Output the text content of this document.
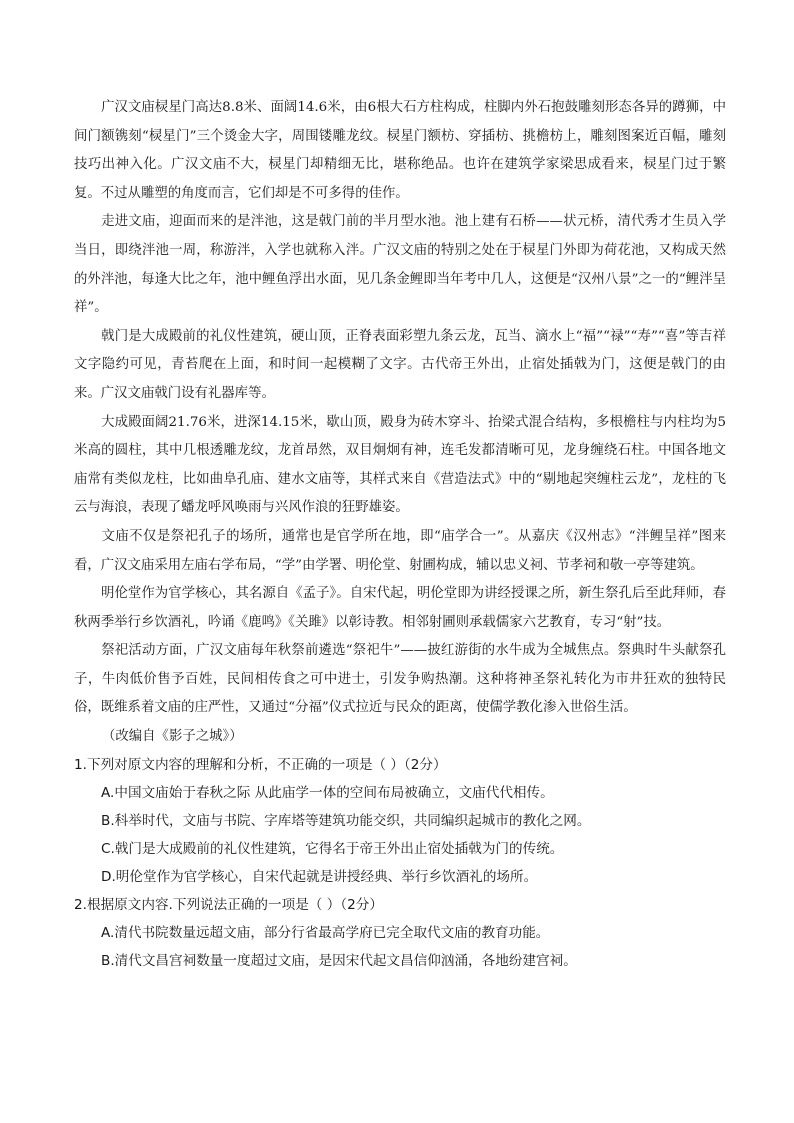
广汉文庙棂星门高达8.8米、面阔14.6米，由6根大石方柱构成，柱脚内外石抱鼓雕刻形态各异的蹲狮，中间门额镌刻“棂星门”三个烫金大字，周围镂雕龙纹。棂星门额枋、穿插枋、挑檐枋上，雕刻图案近百幅，雕刻技巧出神入化。广汉文庙不大，棂星门却精细无比，堪称绝品。也许在建筑学家梁思成看来，棂星门过于繁复。不过从雕塑的角度而言，它们却是不可多得的佳作。

走进文庙，迎面而来的是泮池，这是戟门前的半月型水池。池上建有石桥——状元桥，清代秀才生员入学当日，即绕泮池一周，称游泮，入学也就称入泮。广汉文庙的特别之处在于棂星门外即为荷花池，又构成天然的外泮池，每逢大比之年，池中鲤鱼浮出水面，见几条金鲤即当年考中几人，这便是“汉州八景”之一的“鲤泮呈祥”。

戟门是大成殿前的礼仪性建筑，硬山顶，正脊表面彩塑九条云龙，瓦当、滴水上“福”“禄”“寿”“喜”等吉祥文字隐约可见，青苔爬在上面，和时间一起模糊了文字。古代帝王外出，止宿处插戟为门，这便是戟门的由来。广汉文庙戟门设有礼器库等。

大成殿面阔21.76米，进深14.15米，歇山顶，殿身为砖木穿斗、抬梁式混合结构，多根檐柱与内柱均为5米高的圆柱，其中几根透雕龙纹，龙首昂然，双目炯炯有神，连毛发都清晰可见，龙身缠绕石柱。中国各地文庙常有类似龙柱，比如曲阜孔庙、建水文庙等，其样式来自《营造法式》中的“剔地起突缠柱云龙”，龙柱的飞云与海浪，表现了蟠龙呼风唤雨与兴风作浪的狂野雄姿。

文庙不仅是祭祀孔子的场所，通常也是官学所在地，即“庙学合一”。从嘉庆《汉州志》“泮鲤呈祥”图来看，广汉文庙采用左庙右学布局，“学”由学署、明伦堂、射圃构成，辅以忠义祠、节孝祠和敬一亭等建筑。

明伦堂作为官学核心，其名源自《孟子》。自宋代起，明伦堂即为讲经授课之所，新生祭孔后至此拜师，春秋两季举行乡饮酒礼，吟诵《鹿鸣》《关雎》以彰诗教。相邻射圃则承载儒家六艺教育，专习“射”技。

祭祀活动方面，广汉文庙每年秋祭前遴选“祭祀牛”——披红游街的水牛成为全城焦点。祭典时牛头献祭孔子，牛肉低价售予百姓，民间相传食之可中进士，引发争购热潮。这种将神圣祭礼转化为市井狂欢的独特民俗，既维系着文庙的庄严性，又通过“分福”仪式拉近与民众的距离，使儒学教化渗入世俗生活。

（改编自《影子之城》）

1.下列对原文内容的理解和分析，不正确的一项是（ ）（2分）

A.中国文庙始于春秋之际 从此庙学一体的空间布局被确立，文庙代代相传。

B.科举时代，文庙与书院、字库塔等建筑功能交织，共同编织起城市的教化之网。

C.戟门是大成殿前的礼仪性建筑，它得名于帝王外出止宿处插戟为门的传统。

D.明伦堂作为官学核心，自宋代起就是讲授经典、举行乡饮酒礼的场所。

2.根据原文内容.下列说法正确的一项是（ ）（2分）

A.清代书院数量远超文庙，部分行省最高学府已完全取代文庙的教育功能。

B.清代文昌宫祠数量一度超过文庙，是因宋代起文昌信仰汹涌，各地纷建宫祠。
